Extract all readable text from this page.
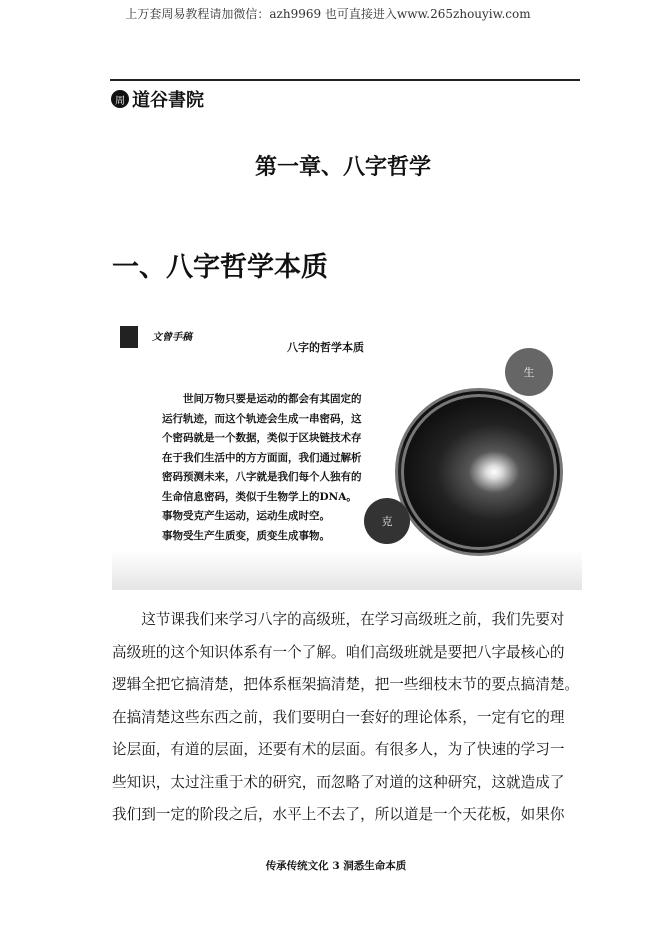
上万套周易教程请加微信：azh9969 也可直接进入www.265zhouyiw.com
周 道谷書院
第一章、八字哲学
一、八字哲学本质
文曾手稿
八字的哲学本质

世间万物只要是运动的都会有其固定的运行轨迹，而这个轨迹会生成一串密码，这个密码就是一个数据，类似于区块链技术存在于我们生活中的方方面面，我们通过解析密码预测未来，八字就是我们每个人独有的生命信息密码，类似于生物学上的DNA。

事物受克产生运动，运动生成时空。

事物受生产生质变，质变生成事物。

生
克

　　这节课我们来学习八字的高级班，在学习高级班之前，我们先要对

高级班的这个知识体系有一个了解。咱们高级班就是要把八字最核心的

逻辑全把它搞清楚，把体系框架搞清楚，把一些细枝末节的要点搞清楚。

在搞清楚这些东西之前，我们要明白一套好的理论体系，一定有它的理

论层面，有道的层面，还要有术的层面。有很多人，为了快速的学习一

些知识，太过注重于术的研究，而忽略了对道的这种研究，这就造成了

我们到一定的阶段之后，水平上不去了，所以道是一个天花板，如果你

传承传统文化 3 洞悉生命本质
